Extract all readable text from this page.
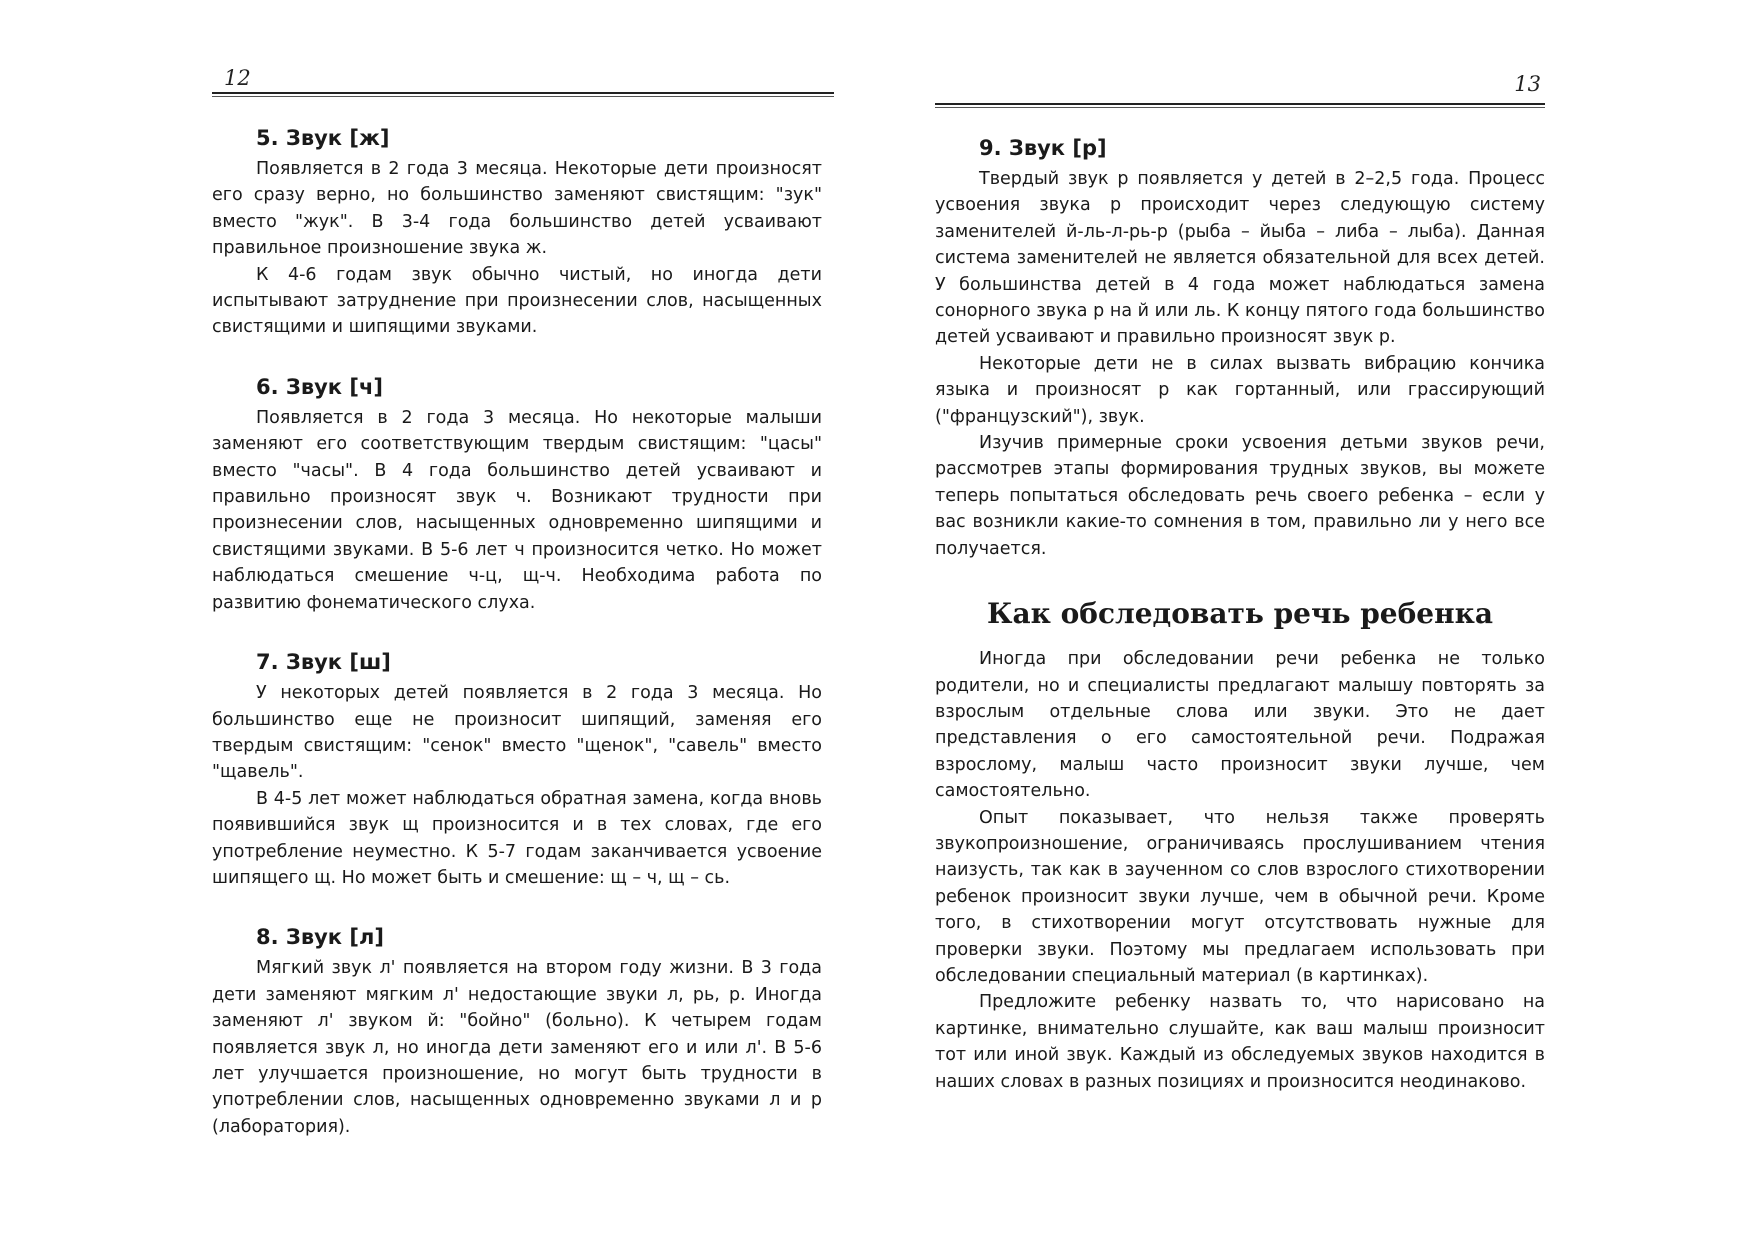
12
5. Звук [ж]

Появляется в 2 года 3 месяца. Некоторые дети произносят его сразу верно, но большинство заменяют свистящим: "зук" вместо "жук". В 3-4 года большинство детей усваивают правильное произношение звука ж.

К 4-6 годам звук обычно чистый, но иногда дети испытывают затруднение при произнесении слов, насыщенных свистящими и шипящими звуками.

6. Звук [ч]

Появляется в 2 года 3 месяца. Но некоторые малыши заменяют его соответствующим твердым свистящим: "цасы" вместо "часы". В 4 года большинство детей усваивают и правильно произносят звук ч. Возникают трудности при произнесении слов, насыщенных одновременно шипящими и свистящими звуками. В 5-6 лет ч произносится четко. Но может наблюдаться смешение ч-ц, щ-ч. Необходима работа по развитию фонематического слуха.

7. Звук [ш]

У некоторых детей появляется в 2 года 3 месяца. Но большинство еще не произносит шипящий, заменяя его твердым свистящим: "сенок" вместо "щенок", "савель" вместо "щавель".

В 4-5 лет может наблюдаться обратная замена, когда вновь появившийся звук щ произносится и в тех словах, где его употребление неуместно. К 5-7 годам заканчивается усвоение шипящего щ. Но может быть и смешение: щ – ч, щ – сь.

8. Звук [л]

Мягкий звук л' появляется на втором году жизни. В 3 года дети заменяют мягким л' недостающие звуки л, рь, р. Иногда заменяют л' звуком й: "бойно" (больно). К четырем годам появляется звук л, но иногда дети заменяют его и или л'. В 5-6 лет улучшается произношение, но могут быть трудности в употреблении слов, насыщенных одновременно звуками л и р (лаборатория).

13
9. Звук [р]

Твердый звук р появляется у детей в 2–2,5 года. Процесс усвоения звука р происходит через следующую систему заменителей й-ль-л-рь-р (рыба – йыба – либа – лыба). Данная система заменителей не является обязательной для всех детей. У большинства детей в 4 года может наблюдаться замена сонорного звука р на й или ль. К концу пятого года большинство детей усваивают и правильно произносят звук р.

Некоторые дети не в силах вызвать вибрацию кончика языка и произносят р как гортанный, или грассирующий ("французский"), звук.

Изучив примерные сроки усвоения детьми звуков речи, рассмотрев этапы формирования трудных звуков, вы можете теперь попытаться обследовать речь своего ребенка – если у вас возникли какие-то сомнения в том, правильно ли у него все получается.

Как обследовать речь ребенка

Иногда при обследовании речи ребенка не только родители, но и специалисты предлагают малышу повторять за взрослым отдельные слова или звуки. Это не дает представления о его самостоятельной речи. Подражая взрослому, малыш часто произносит звуки лучше, чем самостоятельно.

Опыт показывает, что нельзя также проверять звукопроизношение, ограничиваясь прослушиванием чтения наизусть, так как в заученном со слов взрослого стихотворении ребенок произносит звуки лучше, чем в обычной речи. Кроме того, в стихотворении могут отсутствовать нужные для проверки звуки. Поэтому мы предлагаем использовать при обследовании специальный материал (в картинках).

Предложите ребенку назвать то, что нарисовано на картинке, внимательно слушайте, как ваш малыш произносит тот или иной звук. Каждый из обследуемых звуков находится в наших словах в разных позициях и произносится неодинаково.
